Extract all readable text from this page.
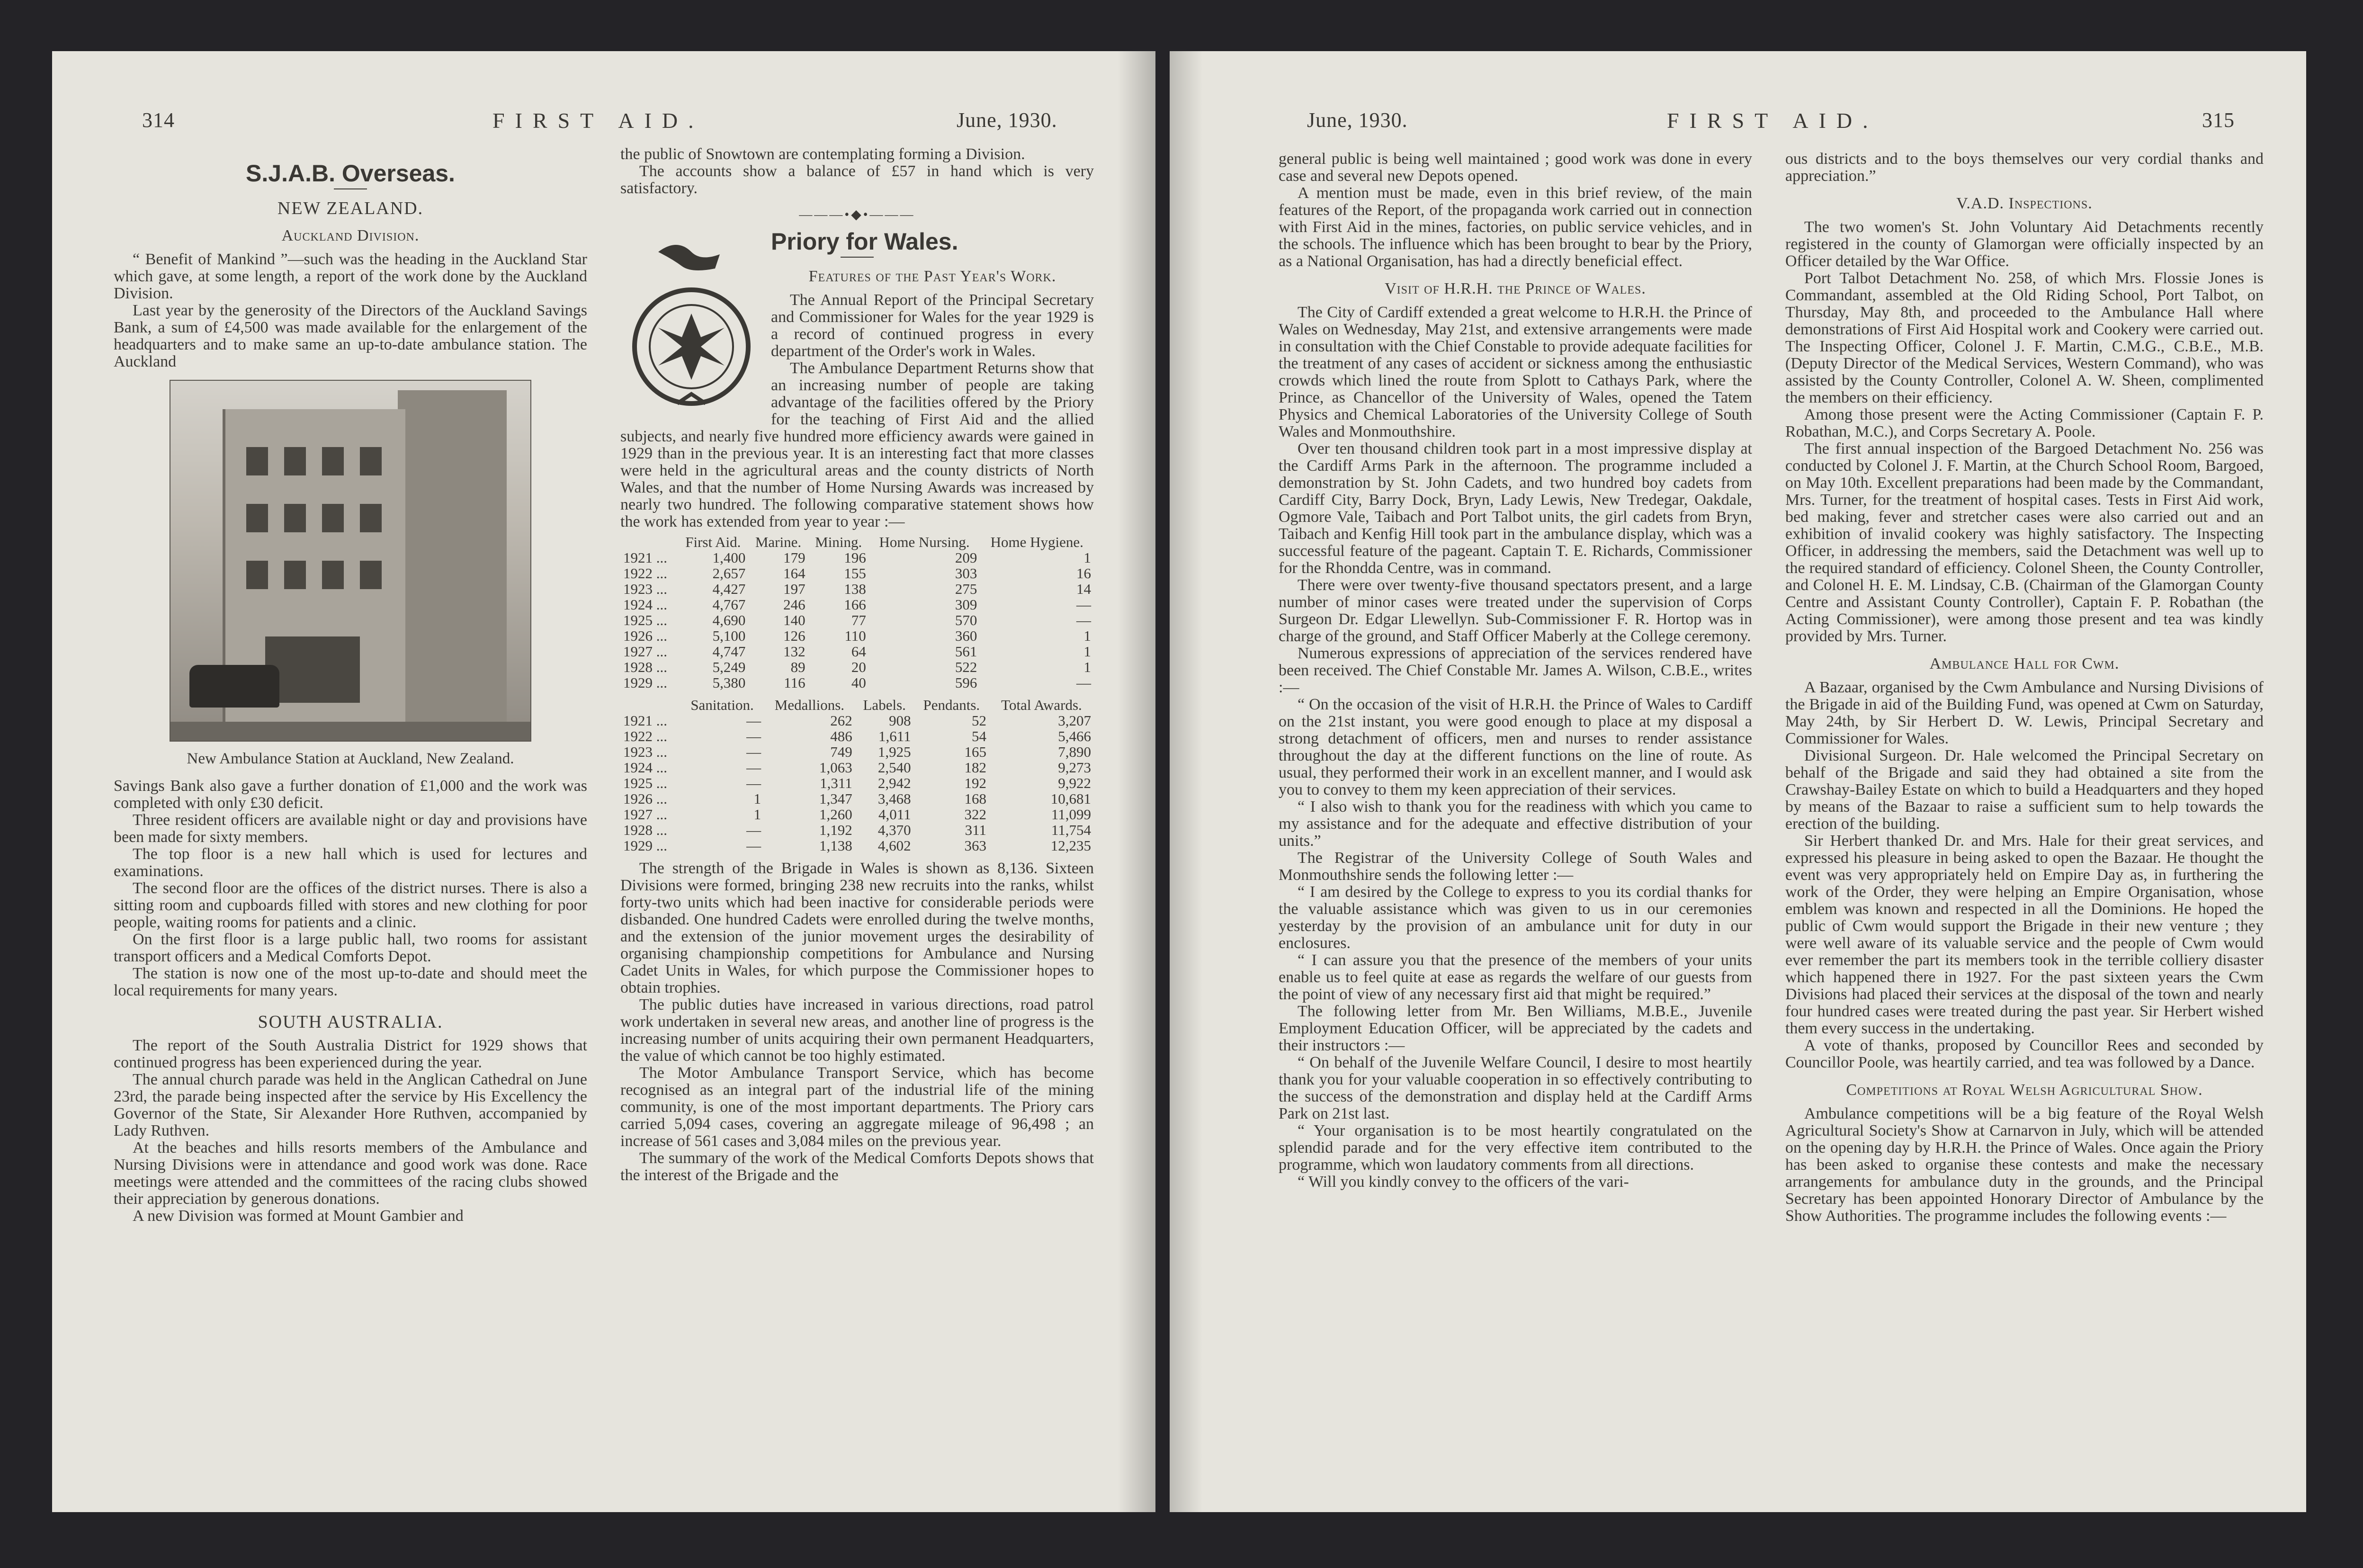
314	FIRST AID.	June, 1930.
S.J.A.B. Overseas.
NEW ZEALAND.
Auckland Division.

“ Benefit of Mankind ”—such was the heading in the Auckland Star which gave, at some length, a report of the work done by the Auckland Division.

Last year by the generosity of the Directors of the Auckland Savings Bank, a sum of £4,500 was made available for the enlargement of the headquarters and to make same an up-to-date ambulance station. The Auckland

New Ambulance Station at Auckland, New Zealand.

Savings Bank also gave a further donation of £1,000 and the work was completed with only £30 deficit.

Three resident officers are available night or day and provisions have been made for sixty members.

The top floor is a new hall which is used for lectures and examinations.

The second floor are the offices of the district nurses. There is also a sitting room and cupboards filled with stores and new clothing for poor people, waiting rooms for patients and a clinic.

On the first floor is a large public hall, two rooms for assistant transport officers and a Medical Comforts Depot.

The station is now one of the most up-to-date and should meet the local requirements for many years.

SOUTH AUSTRALIA.

The report of the South Australia District for 1929 shows that continued progress has been experienced during the year.

The annual church parade was held in the Anglican Cathedral on June 23rd, the parade being inspected after the service by His Excellency the Governor of the State, Sir Alexander Hore Ruthven, accompanied by Lady Ruthven.

At the beaches and hills resorts members of the Ambulance and Nursing Divisions were in attendance and good work was done. Race meetings were attended and the committees of the racing clubs showed their appreciation by generous donations.

A new Division was formed at Mount Gambier and

the public of Snowtown are contemplating forming a Division.

The accounts show a balance of £57 in hand which is very satisfactory.

———•◆•———
Priory for Wales.
Features of the Past Year's Work.

The Annual Report of the Principal Secretary and Commissioner for Wales for the year 1929 is a record of continued progress in every department of the Order's work in Wales.

The Ambulance Department Returns show that an increasing number of people are taking advantage of the facilities offered by the Priory for the teaching of First Aid and the allied subjects, and nearly five hundred more efficiency awards were gained in 1929 than in the previous year. It is an interesting fact that more classes were held in the agricultural areas and the county districts of North Wales, and that the number of Home Nursing Awards was increased by nearly two hundred. The following comparative statement shows how the work has extended from year to year :—

	First Aid.	Marine.	Mining.	Home Nursing.	Home Hygiene.
1921 ...	1,400	179	196	209	1
1922 ...	2,657	164	155	303	16
1923 ...	4,427	197	138	275	14
1924 ...	4,767	246	166	309	—
1925 ...	4,690	140	77	570	—
1926 ...	5,100	126	110	360	1
1927 ...	4,747	132	64	561	1
1928 ...	5,249	89	20	522	1
1929 ...	5,380	116	40	596	—
	Sanitation.	Medallions.	Labels.	Pendants.	Total Awards.
1921 ...	—	262	908	52	3,207
1922 ...	—	486	1,611	54	5,466
1923 ...	—	749	1,925	165	7,890
1924 ...	—	1,063	2,540	182	9,273
1925 ...	—	1,311	2,942	192	9,922
1926 ...	1	1,347	3,468	168	10,681
1927 ...	1	1,260	4,011	322	11,099
1928 ...	—	1,192	4,370	311	11,754
1929 ...	—	1,138	4,602	363	12,235

The strength of the Brigade in Wales is shown as 8,136. Sixteen Divisions were formed, bringing 238 new recruits into the ranks, whilst forty-two units which had been inactive for considerable periods were disbanded. One hundred Cadets were enrolled during the twelve months, and the extension of the junior movement urges the desirability of organising championship competitions for Ambulance and Nursing Cadet Units in Wales, for which purpose the Commissioner hopes to obtain trophies.

The public duties have increased in various directions, road patrol work undertaken in several new areas, and another line of progress is the increasing number of units acquiring their own permanent Headquarters, the value of which cannot be too highly estimated.

The Motor Ambulance Transport Service, which has become recognised as an integral part of the industrial life of the mining community, is one of the most important departments. The Priory cars carried 5,094 cases, covering an aggregate mileage of 96,498 ; an increase of 561 cases and 3,084 miles on the previous year.

The summary of the work of the Medical Comforts Depots shows that the interest of the Brigade and the

June, 1930.	FIRST AID.	315

general public is being well maintained ; good work was done in every case and several new Depots opened.

A mention must be made, even in this brief review, of the main features of the Report, of the propaganda work carried out in connection with First Aid in the mines, factories, on public service vehicles, and in the schools. The influence which has been brought to bear by the Priory, as a National Organisation, has had a directly beneficial effect.

Visit of H.R.H. the Prince of Wales.

The City of Cardiff extended a great welcome to H.R.H. the Prince of Wales on Wednesday, May 21st, and extensive arrangements were made in consultation with the Chief Constable to provide adequate facilities for the treatment of any cases of accident or sickness among the enthusiastic crowds which lined the route from Splott to Cathays Park, where the Prince, as Chancellor of the University of Wales, opened the Tatem Physics and Chemical Laboratories of the University College of South Wales and Monmouthshire.

Over ten thousand children took part in a most impressive display at the Cardiff Arms Park in the afternoon. The programme included a demonstration by St. John Cadets, and two hundred boy cadets from Cardiff City, Barry Dock, Bryn, Lady Lewis, New Tredegar, Oakdale, Ogmore Vale, Taibach and Port Talbot units, the girl cadets from Bryn, Taibach and Kenfig Hill took part in the ambulance display, which was a successful feature of the pageant. Captain T. E. Richards, Commissioner for the Rhondda Centre, was in command.

There were over twenty-five thousand spectators present, and a large number of minor cases were treated under the supervision of Corps Surgeon Dr. Edgar Llewellyn. Sub-Commissioner F. R. Hortop was in charge of the ground, and Staff Officer Maberly at the College ceremony.

Numerous expressions of appreciation of the services rendered have been received. The Chief Constable Mr. James A. Wilson, C.B.E., writes :—

“ On the occasion of the visit of H.R.H. the Prince of Wales to Cardiff on the 21st instant, you were good enough to place at my disposal a strong detachment of officers, men and nurses to render assistance throughout the day at the different functions on the line of route. As usual, they performed their work in an excellent manner, and I would ask you to convey to them my keen appreciation of their services.

“ I also wish to thank you for the readiness with which you came to my assistance and for the adequate and effective distribution of your units.”

The Registrar of the University College of South Wales and Monmouthshire sends the following letter :—

“ I am desired by the College to express to you its cordial thanks for the valuable assistance which was given to us in our ceremonies yesterday by the provision of an ambulance unit for duty in our enclosures.

“ I can assure you that the presence of the members of your units enable us to feel quite at ease as regards the welfare of our guests from the point of view of any necessary first aid that might be required.”

The following letter from Mr. Ben Williams, M.B.E., Juvenile Employment Education Officer, will be appreciated by the cadets and their instructors :—

“ On behalf of the Juvenile Welfare Council, I desire to most heartily thank you for your valuable cooperation in so effectively contributing to the success of the demonstration and display held at the Cardiff Arms Park on 21st last.

“ Your organisation is to be most heartily congratulated on the splendid parade and for the very effective item contributed to the programme, which won laudatory comments from all directions.

“ Will you kindly convey to the officers of the vari-

ous districts and to the boys themselves our very cordial thanks and appreciation.”

V.A.D. Inspections.

The two women's St. John Voluntary Aid Detachments recently registered in the county of Glamorgan were officially inspected by an Officer detailed by the War Office.

Port Talbot Detachment No. 258, of which Mrs. Flossie Jones is Commandant, assembled at the Old Riding School, Port Talbot, on Thursday, May 8th, and proceeded to the Ambulance Hall where demonstrations of First Aid Hospital work and Cookery were carried out. The Inspecting Officer, Colonel J. F. Martin, C.M.G., C.B.E., M.B. (Deputy Director of the Medical Services, Western Command), who was assisted by the County Controller, Colonel A. W. Sheen, complimented the members on their efficiency.

Among those present were the Acting Commissioner (Captain F. P. Robathan, M.C.), and Corps Secretary A. Poole.

The first annual inspection of the Bargoed Detachment No. 256 was conducted by Colonel J. F. Martin, at the Church School Room, Bargoed, on May 10th. Excellent preparations had been made by the Commandant, Mrs. Turner, for the treatment of hospital cases. Tests in First Aid work, bed making, fever and stretcher cases were also carried out and an exhibition of invalid cookery was highly satisfactory. The Inspecting Officer, in addressing the members, said the Detachment was well up to the required standard of efficiency. Colonel Sheen, the County Controller, and Colonel H. E. M. Lindsay, C.B. (Chairman of the Glamorgan County Centre and Assistant County Controller), Captain F. P. Robathan (the Acting Commissioner), were among those present and tea was kindly provided by Mrs. Turner.

Ambulance Hall for Cwm.

A Bazaar, organised by the Cwm Ambulance and Nursing Divisions of the Brigade in aid of the Building Fund, was opened at Cwm on Saturday, May 24th, by Sir Herbert D. W. Lewis, Principal Secretary and Commissioner for Wales.

Divisional Surgeon. Dr. Hale welcomed the Principal Secretary on behalf of the Brigade and said they had obtained a site from the Crawshay-Bailey Estate on which to build a Headquarters and they hoped by means of the Bazaar to raise a sufficient sum to help towards the erection of the building.

Sir Herbert thanked Dr. and Mrs. Hale for their great services, and expressed his pleasure in being asked to open the Bazaar. He thought the event was very appropriately held on Empire Day as, in furthering the work of the Order, they were helping an Empire Organisation, whose emblem was known and respected in all the Dominions. He hoped the public of Cwm would support the Brigade in their new venture ; they were well aware of its valuable service and the people of Cwm would ever remember the part its members took in the terrible colliery disaster which happened there in 1927. For the past sixteen years the Cwm Divisions had placed their services at the disposal of the town and nearly four hundred cases were treated during the past year. Sir Herbert wished them every success in the undertaking.

A vote of thanks, proposed by Councillor Rees and seconded by Councillor Poole, was heartily carried, and tea was followed by a Dance.

Competitions at Royal Welsh Agricultural Show.

Ambulance competitions will be a big feature of the Royal Welsh Agricultural Society's Show at Carnarvon in July, which will be attended on the opening day by H.R.H. the Prince of Wales. Once again the Priory has been asked to organise these contests and make the necessary arrangements for ambulance duty in the grounds, and the Principal Secretary has been appointed Honorary Director of Ambulance by the Show Authorities. The programme includes the following events :—
